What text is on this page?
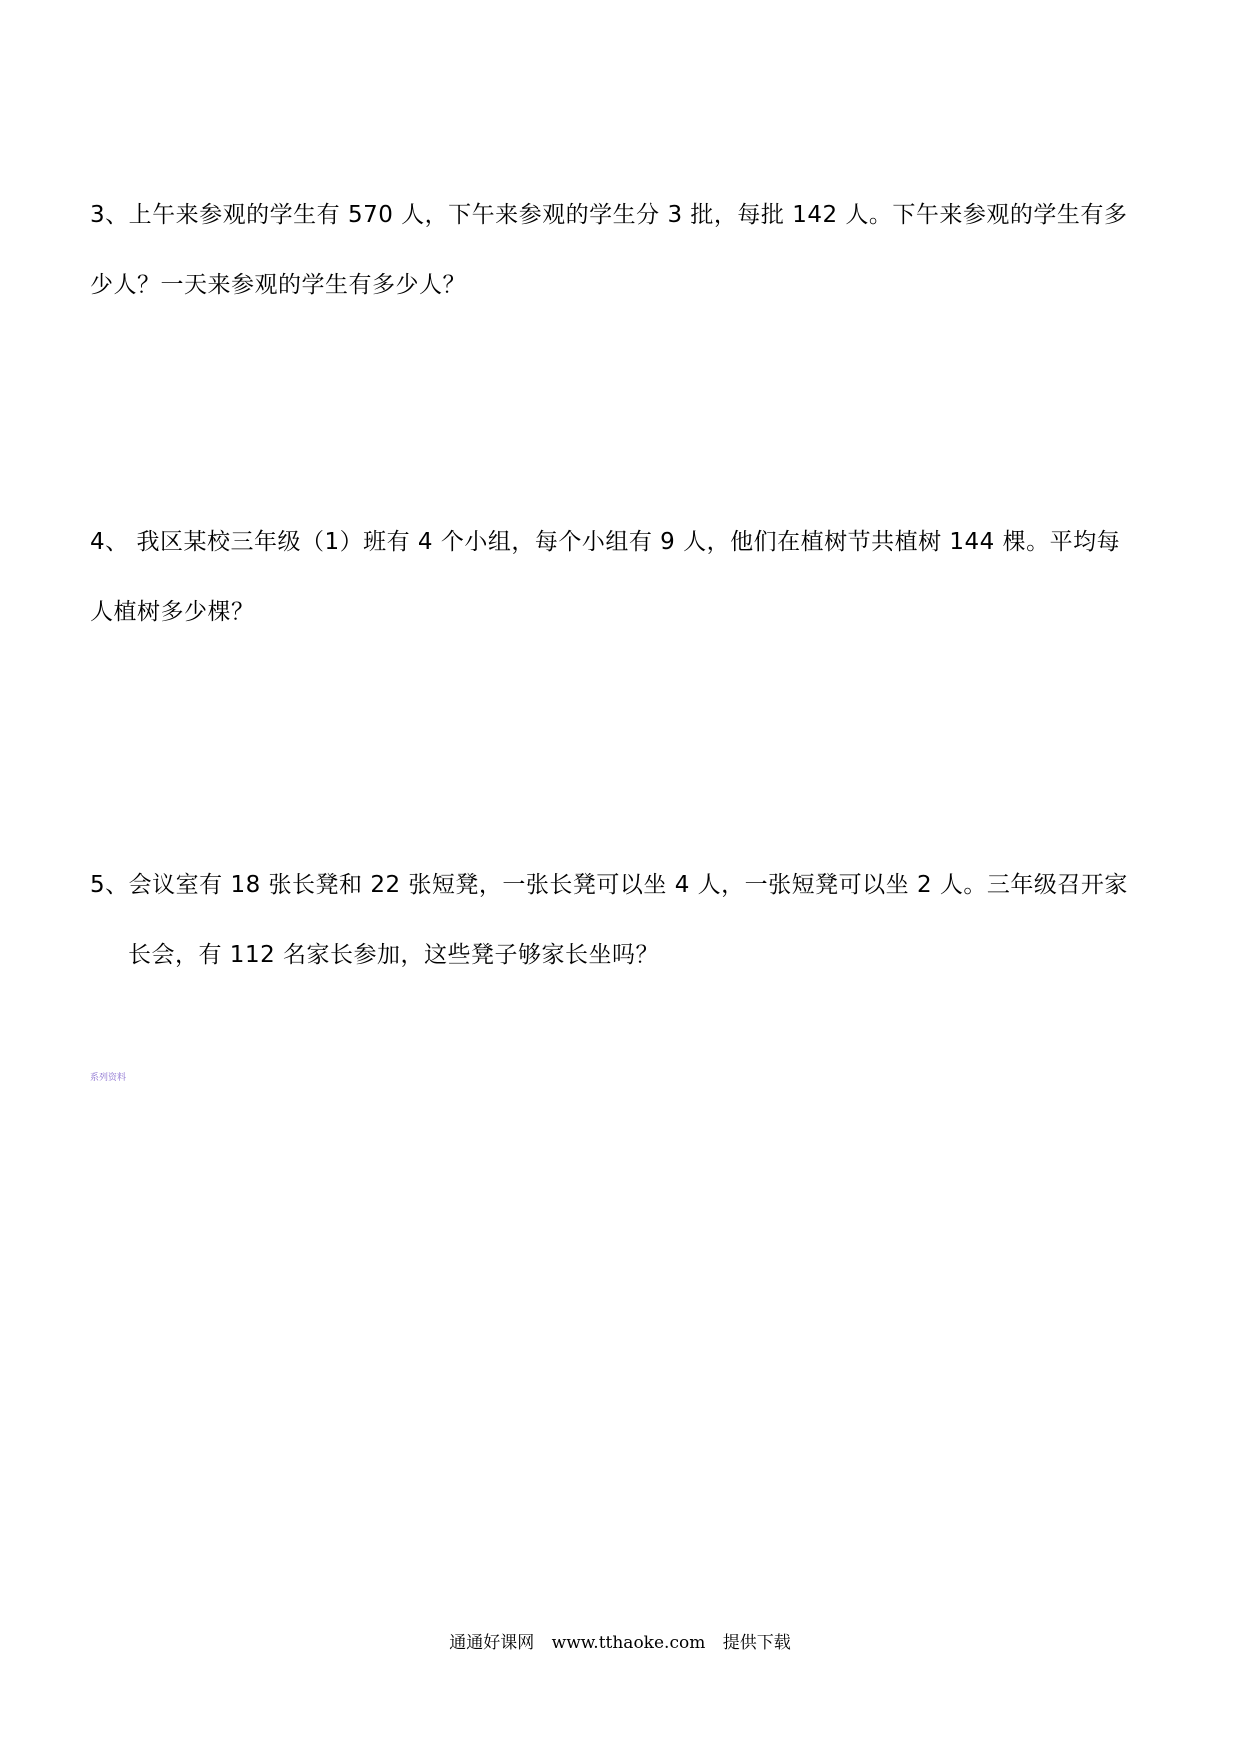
3、上午来参观的学生有 570 人，下午来参观的学生分 3 批，每批 142 人。下午来参观的学生有多
少人？一天来参观的学生有多少人？
4、 我区某校三年级（1）班有 4 个小组，每个小组有 9 人，他们在植树节共植树 144 棵。平均每
人植树多少棵？
5、会议室有 18 张长凳和 22 张短凳，一张长凳可以坐 4 人，一张短凳可以坐 2 人。三年级召开家
长会，有 112 名家长参加，这些凳子够家长坐吗？
系列资料
通通好课网 www.tthaoke.com 提供下载
